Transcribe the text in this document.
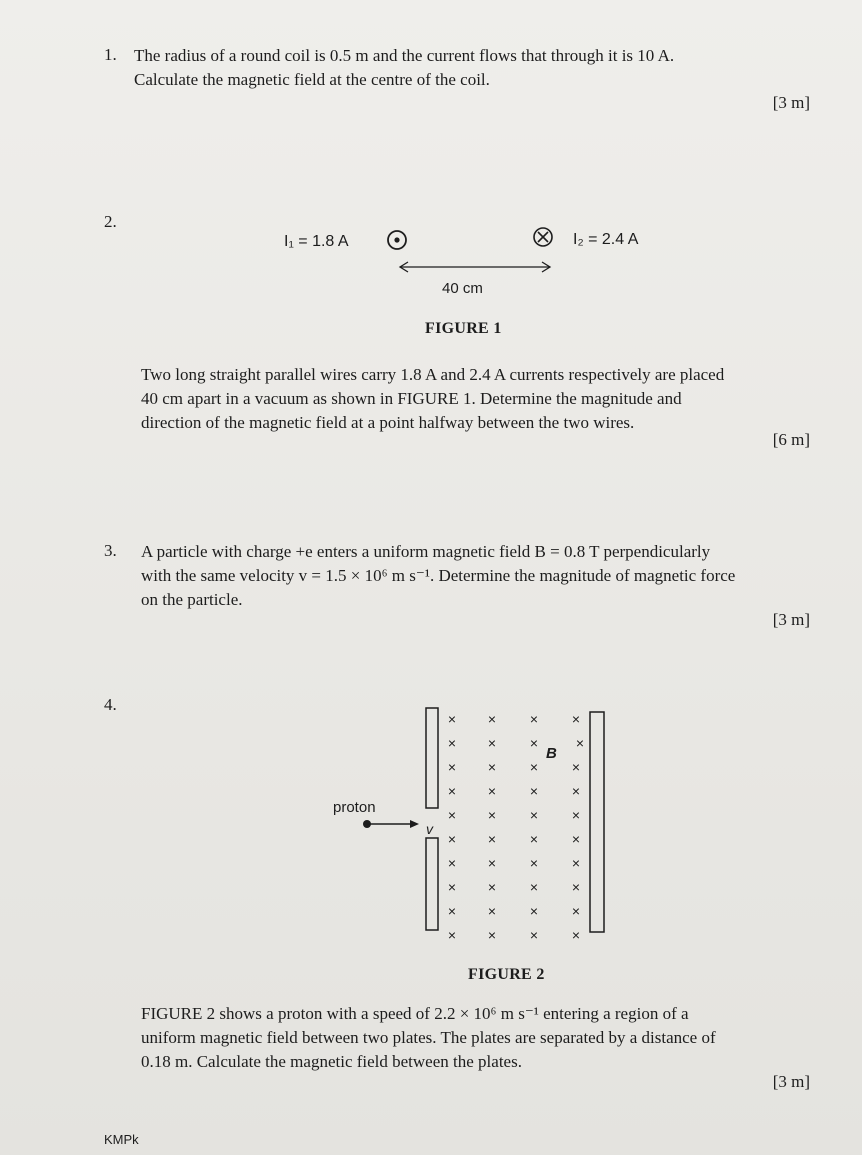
1. The radius of a round coil is 0.5 m and the current flows that through it is 10 A.
Calculate the magnetic field at the centre of the coil.
[3 m]
2.
I₁ = 1.8 A	I₂ = 2.4 A
40 cm
FIGURE 1
Two long straight parallel wires carry 1.8 A and 2.4 A currents respectively are placed
40 cm apart in a vacuum as shown in FIGURE 1. Determine the magnitude and
direction of the magnetic field at a point halfway between the two wires.
[6 m]
3. A particle with charge +e enters a uniform magnetic field B = 0.8 T perpendicularly
with the same velocity v = 1.5 × 10⁶ m s⁻¹. Determine the magnitude of magnetic force
on the particle.
[3 m]
4.
proton
v
B
× × × ×
× × ×	×
× × × ×
× × × ×
× × × ×
× × × ×
× × × ×
× × × ×
× × × ×
× × × ×
FIGURE 2
FIGURE 2 shows a proton with a speed of 2.2 × 10⁶ m s⁻¹ entering a region of a
uniform magnetic field between two plates. The plates are separated by a distance of
0.18 m. Calculate the magnetic field between the plates.
[3 m]
KMPk
